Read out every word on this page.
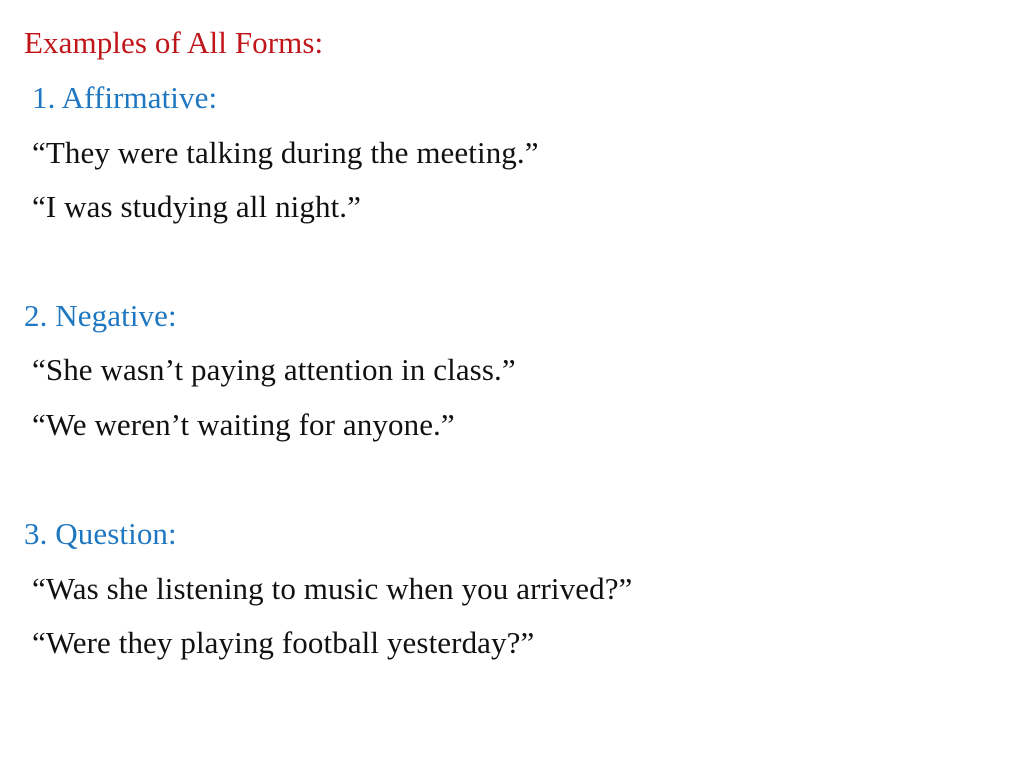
Examples of All Forms:
1. Affirmative:
“They were talking during the meeting.”
“I was studying all night.”
2. Negative:
“She wasn’t paying attention in class.”
“We weren’t waiting for anyone.”
3. Question:
“Was she listening to music when you arrived?”
“Were they playing football yesterday?”
